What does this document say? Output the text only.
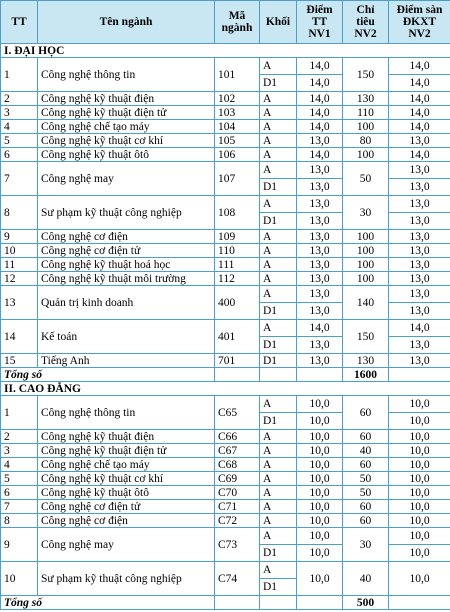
TT	Tên ngành	Mã ngành	Khối	Điểm TT NV1	Chỉ tiêu NV2	Điểm sàn ĐKXT NV2
I. ĐẠI HỌC						
1	Công nghệ thông tin	101	A	14,0	150	14,0
			D1	14,0		14,0
2	Công nghệ kỹ thuật điện	102	A	14,0	130	14,0
3	Công nghệ kỹ thuật điện tử	103	A	14,0	110	14,0
4	Công nghệ chế tạo máy	104	A	14,0	100	14,0
5	Công nghệ kỹ thuật cơ khí	105	A	13,0	80	13,0
6	Công nghệ kỹ thuật ôtô	106	A	14,0	100	14,0
7	Công nghệ may	107	A	13,0	50	13,0
			D1	13,0		13,0
8	Sư phạm kỹ thuật công nghiệp	108	A	13,0	30	13,0
			D1	13,0		13,0
9	Công nghệ cơ điện	109	A	13,0	100	13,0
10	Công nghệ cơ điện tử	110	A	13,0	100	13,0
11	Công nghệ kỹ thuật hoá học	111	A	13,0	100	13,0
12	Công nghệ kỹ thuật môi trường	112	A	13,0	100	13,0
13	Quản trị kinh doanh	400	A	13,0	140	13,0
			D1	13,0		13,0
14	Kế toán	401	A	14,0	150	14,0
			D1	13,0		13,0
15	Tiếng Anh	701	D1	13,0	130	13,0
Tổng số					1600	
II. CAO ĐẲNG						
1	Công nghệ thông tin	C65	A	10,0	60	10,0
			D1	10,0		10,0
2	Công nghệ kỹ thuật điện	C66	A	10,0	60	10,0
3	Công nghệ kỹ thuật điện tử	C67	A	10,0	40	10,0
4	Công nghệ chế tạo máy	C68	A	10,0	60	10,0
5	Công nghệ kỹ thuật cơ khí	C69	A	10,0	50	10,0
6	Công nghệ kỹ thuật ôtô	C70	A	10,0	50	10,0
7	Công nghệ cơ điện tử	C71	A	10,0	60	10,0
8	Công nghệ cơ điện	C72	A	10,0	60	10,0
9	Công nghệ may	C73	A	10,0	30	10,0
			D1	10,0		10,0
10	Sư phạm kỹ thuật công nghiệp	C74	A	10,0	40	10,0
			D1			
Tổng số					500	
